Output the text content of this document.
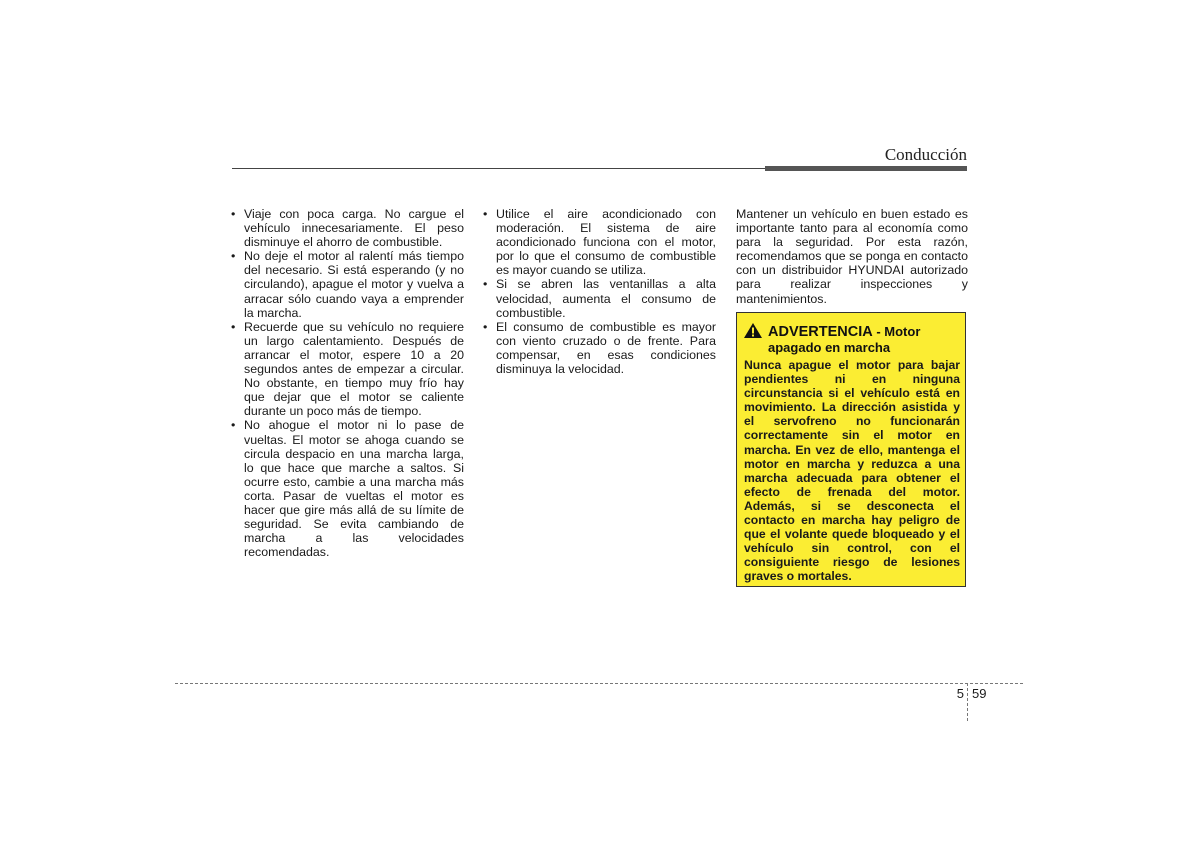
Conducción
• Viaje con poca carga. No cargue el vehículo innecesariamente. El peso disminuye el ahorro de combustible.
• No deje el motor al ralentí más tiempo del necesario. Si está esperando (y no circulando), apague el motor y vuelva a arracar sólo cuando vaya a emprender la marcha.
• Recuerde que su vehículo no requiere un largo calentamiento. Después de arrancar el motor, espere 10 a 20 segundos antes de empezar a circular. No obstante, en tiempo muy frío hay que dejar que el motor se caliente durante un poco más de tiempo.
• No ahogue el motor ni lo pase de vueltas. El motor se ahoga cuando se circula despacio en una marcha larga, lo que hace que marche a saltos. Si ocurre esto, cambie a una marcha más corta. Pasar de vueltas el motor es hacer que gire más allá de su límite de seguridad. Se evita cambiando de marcha a las velocidades recomendadas.
• Utilice el aire acondicionado con moderación. El sistema de aire acondicionado funciona con el motor, por lo que el consumo de combustible es mayor cuando se utiliza.
• Si se abren las ventanillas a alta velocidad, aumenta el consumo de combustible.
• El consumo de combustible es mayor con viento cruzado o de frente. Para compensar, en esas condiciones disminuya la velocidad.

Mantener un vehículo en buen estado es importante tanto para al economía como para la seguridad. Por esta razón, recomendamos que se ponga en contacto con un distribuidor HYUNDAI autorizado para realizar inspecciones y mantenimientos.

ADVERTENCIA - Motor
apagado en marcha

Nunca apague el motor para bajar pendientes ni en ninguna circunstancia si el vehículo está en movimiento. La dirección asistida y el servofreno no funcionarán correctamente sin el motor en marcha. En vez de ello, mantenga el motor en marcha y reduzca a una marcha adecuada para obtener el efecto de frenada del motor. Además, si se desconecta el contacto en marcha hay peligro de que el volante quede bloqueado y el vehículo sin control, con el consiguiente riesgo de lesiones graves o mortales.

5 59
